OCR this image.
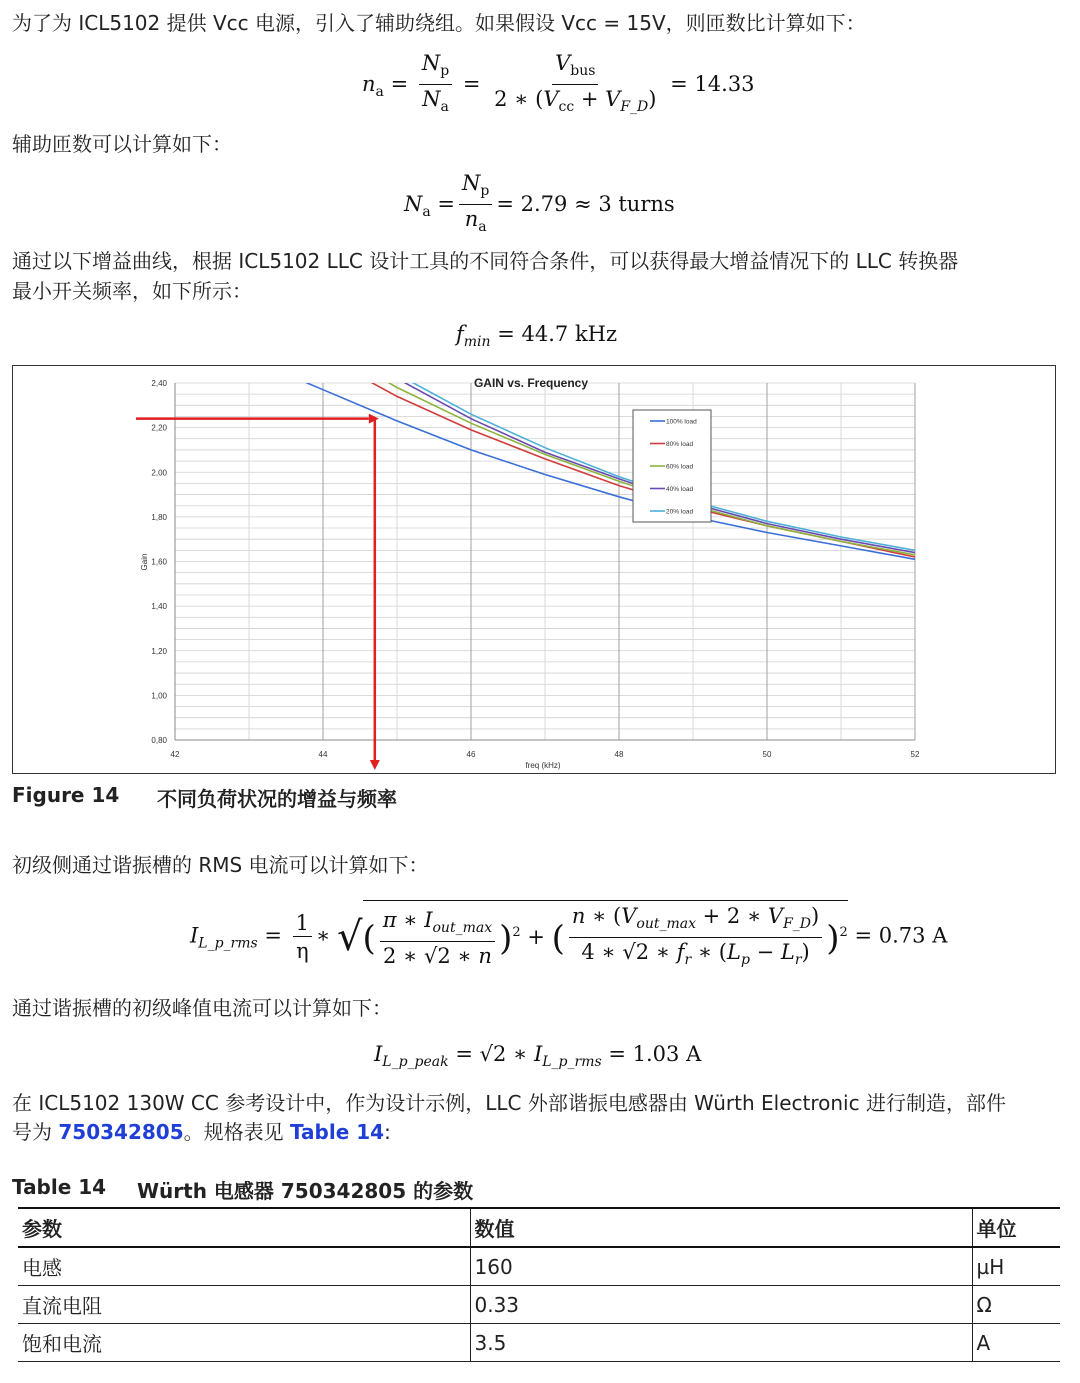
为了为 ICL5102 提供 Vcc 电源，引入了辅助绕组。如果假设 Vcc = 15V，则匝数比计算如下：

$n_a = \frac{N_p}{N_a} = \frac{V_{bus}}{2 ∗ (V_{cc} + V_{F\_D})} = 14.33$

辅助匝数可以计算如下：

$N_a = \frac{N_p}{n_a} = 2.79 \approx 3$ turns

通过以下增益曲线，根据 ICL5102 LLC 设计工具的不同符合条件，可以获得最大增益情况下的 LLC 转换器

最小开关频率，如下所示：

$f_{min} = 44.7$ kHz
0,80
1,00
1,20
1,40
1,60
1,80
2,00
2,20
2,40
42	44	46	48	50	52
GAIN vs. Frequency
freq (kHz)
Gain
100% load
80% load
60% load
40% load
20% load
Figure 14 不同负荷状况的增益与频率

初级侧通过谐振槽的 RMS 电流可以计算如下：

$I_{L\_p\_rms} = \frac{1}{\eta}$ ∗ √( $\frac{\pi ∗ I_{out\_max}}{2 ∗ √2 ∗ n} )^2$ + ( $\frac{n ∗ (V_{out\_max} + 2 ∗ V_{F\_D})}{4 ∗ √2 ∗ f_r ∗ (L_p - L_r)} )^2 = 0.73$ A

通过谐振槽的初级峰值电流可以计算如下：

$I_{L\_p\_peak} = √2$ ∗ $I_{L\_p\_rms} = 1.03$ A

在 ICL5102 130W CC 参考设计中，作为设计示例，LLC 外部谐振电感器由 Würth Electronic 进行制造，部件

号为 750342805。规格表见 Table 14:

Table 14 Würth 电感器 750342805 的参数
参数	数值	单位
电感	160	µH
直流电阻	0.33	Ω
饱和电流	3.5	A
